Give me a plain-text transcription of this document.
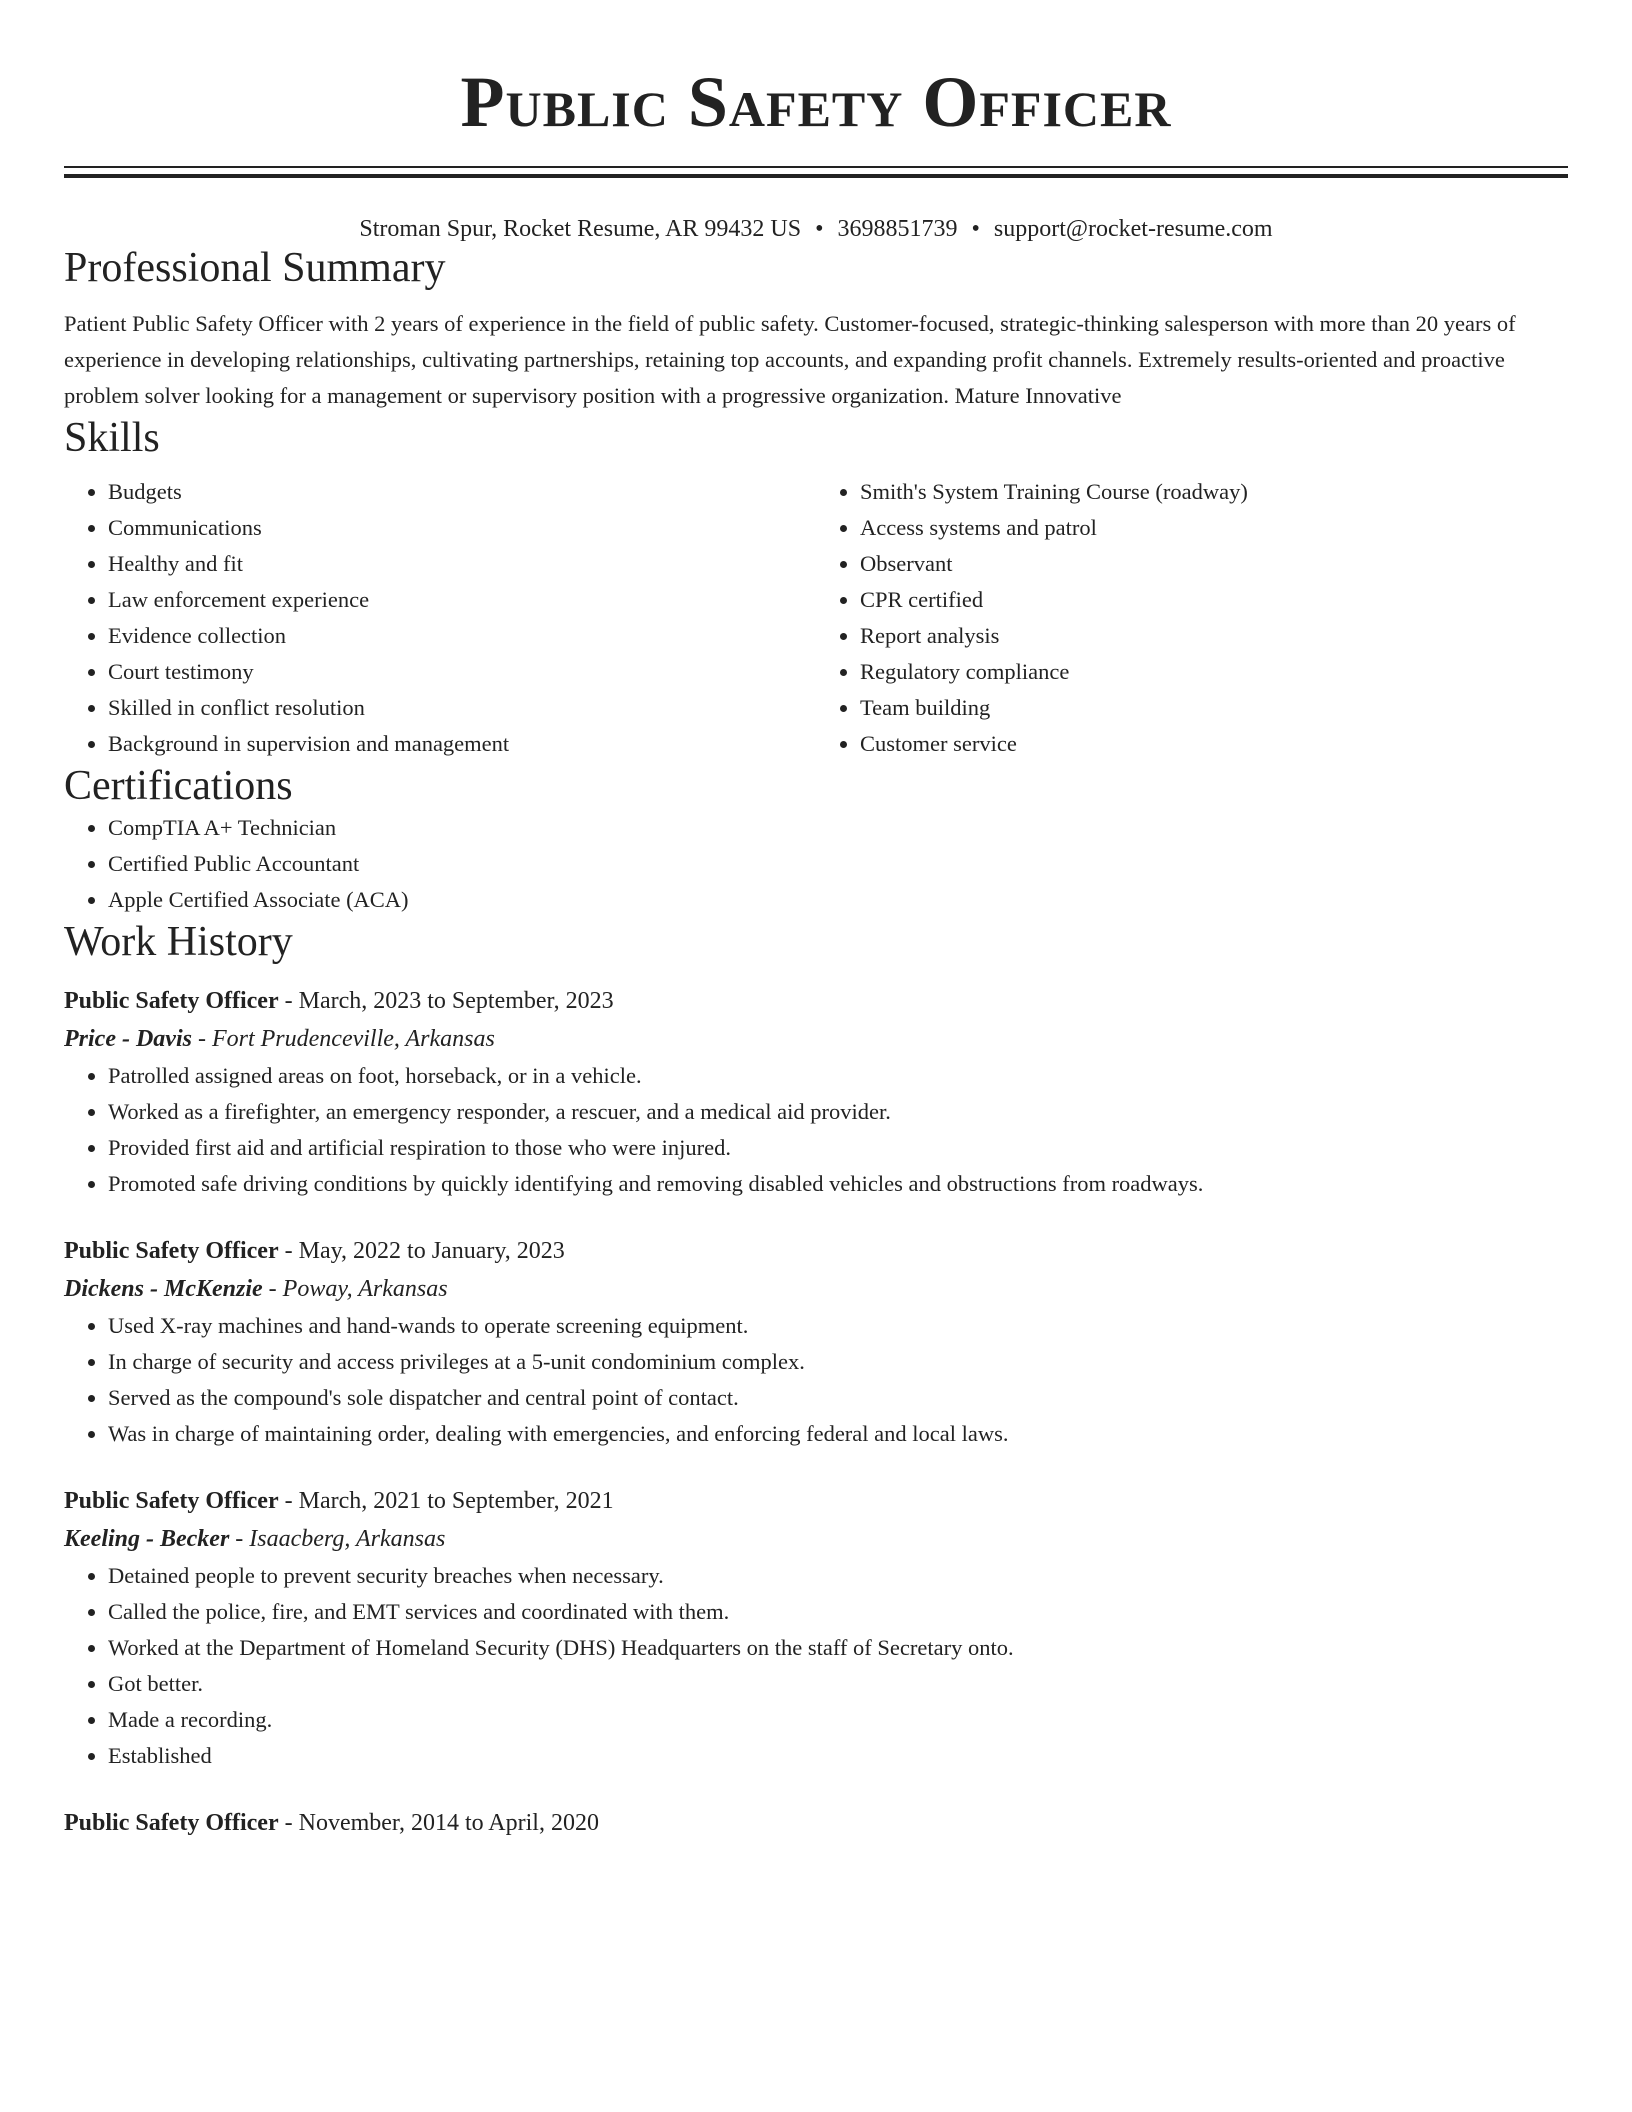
Public Safety Officer
Stroman Spur, Rocket Resume, AR 99432 US • 3698851739 • support@rocket-resume.com
Professional Summary
Patient Public Safety Officer with 2 years of experience in the field of public safety. Customer-focused, strategic-thinking salesperson with more than 20 years of experience in developing relationships, cultivating partnerships, retaining top accounts, and expanding profit channels. Extremely results-oriented and proactive problem solver looking for a management or supervisory position with a progressive organization. Mature Innovative
Skills
• Budgets
• Communications
• Healthy and fit
• Law enforcement experience
• Evidence collection
• Court testimony
• Skilled in conflict resolution
• Background in supervision and management
• Smith's System Training Course (roadway)
• Access systems and patrol
• Observant
• CPR certified
• Report analysis
• Regulatory compliance
• Team building
• Customer service
Certifications
• CompTIA A+ Technician
• Certified Public Accountant
• Apple Certified Associate (ACA)
Work History
Public Safety Officer - March, 2023 to September, 2023
Price - Davis - Fort Prudenceville, Arkansas
• Patrolled assigned areas on foot, horseback, or in a vehicle.
• Worked as a firefighter, an emergency responder, a rescuer, and a medical aid provider.
• Provided first aid and artificial respiration to those who were injured.
• Promoted safe driving conditions by quickly identifying and removing disabled vehicles and obstructions from roadways.
Public Safety Officer - May, 2022 to January, 2023
Dickens - McKenzie - Poway, Arkansas
• Used X-ray machines and hand-wands to operate screening equipment.
• In charge of security and access privileges at a 5-unit condominium complex.
• Served as the compound's sole dispatcher and central point of contact.
• Was in charge of maintaining order, dealing with emergencies, and enforcing federal and local laws.
Public Safety Officer - March, 2021 to September, 2021
Keeling - Becker - Isaacberg, Arkansas
• Detained people to prevent security breaches when necessary.
• Called the police, fire, and EMT services and coordinated with them.
• Worked at the Department of Homeland Security (DHS) Headquarters on the staff of Secretary onto.
• Got better.
• Made a recording.
• Established
Public Safety Officer - November, 2014 to April, 2020
